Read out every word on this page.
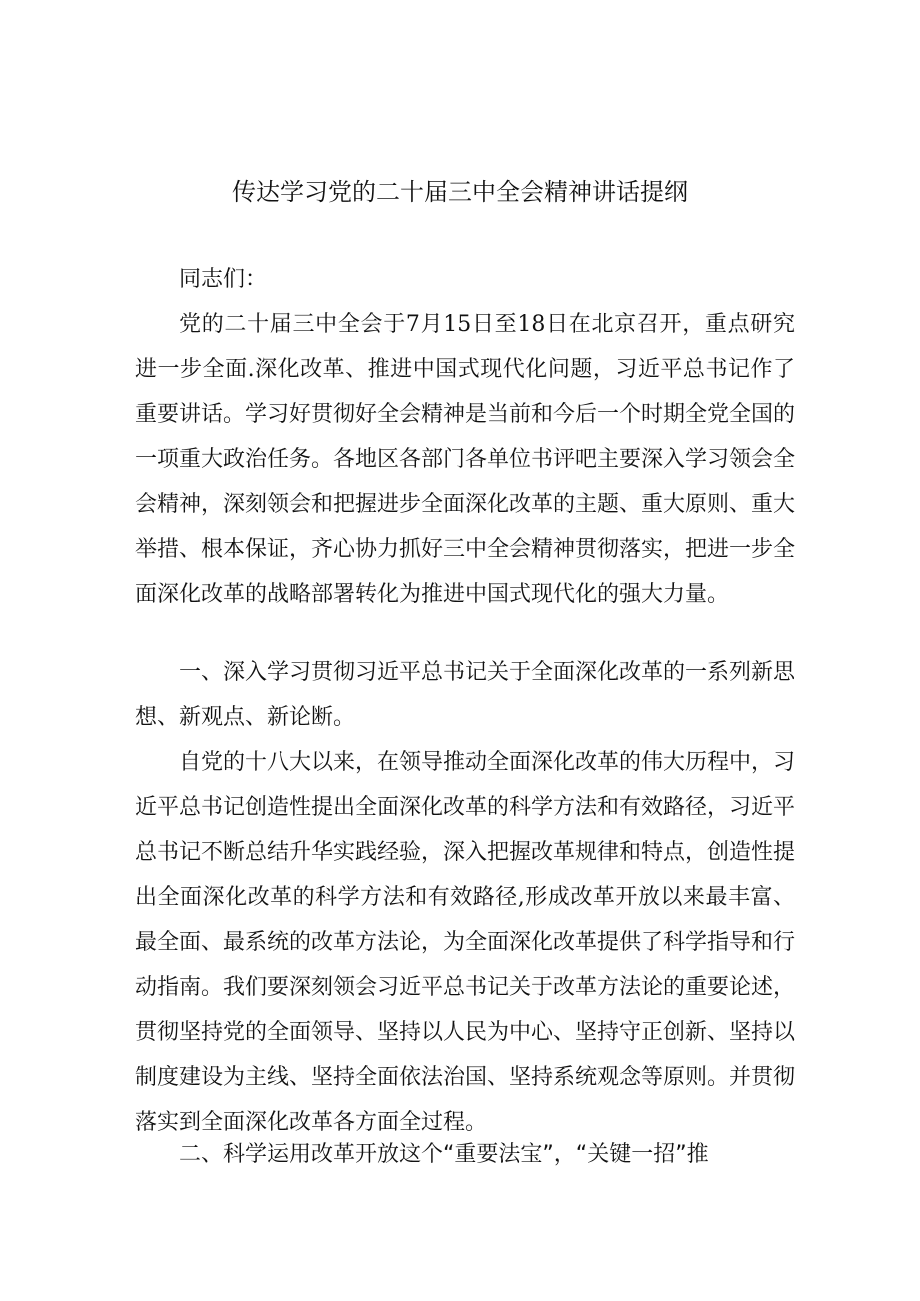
传达学习党的二十届三中全会精神讲话提纲

同志们：

党的二十届三中全会于7月15日至18日在北京召开，重点研究进一步全面.深化改革、推进中国式现代化问题，习近平总书记作了重要讲话。学习好贯彻好全会精神是当前和今后一个时期全党全国的一项重大政治任务。各地区各部门各单位书评吧主要深入学习领会全会精神，深刻领会和把握进步全面深化改革的主题、重大原则、重大举措、根本保证，齐心协力抓好三中全会精神贯彻落实，把进一步全面深化改革的战略部署转化为推进中国式现代化的强大力量。

一、深入学习贯彻习近平总书记关于全面深化改革的一系列新思想、新观点、新论断。

自党的十八大以来，在领导推动全面深化改革的伟大历程中，习近平总书记创造性提出全面深化改革的科学方法和有效路径，习近平总书记不断总结升华实践经验，深入把握改革规律和特点，创造性提出全面深化改革的科学方法和有效路径,形成改革开放以来最丰富、最全面、最系统的改革方法论，为全面深化改革提供了科学指导和行动指南。我们要深刻领会习近平总书记关于改革方法论的重要论述，贯彻坚持党的全面领导、坚持以人民为中心、坚持守正创新、坚持以制度建设为主线、坚持全面依法治国、坚持系统观念等原则。并贯彻落实到全面深化改革各方面全过程。

二、科学运用改革开放这个“重要法宝”，“关键一招”推
